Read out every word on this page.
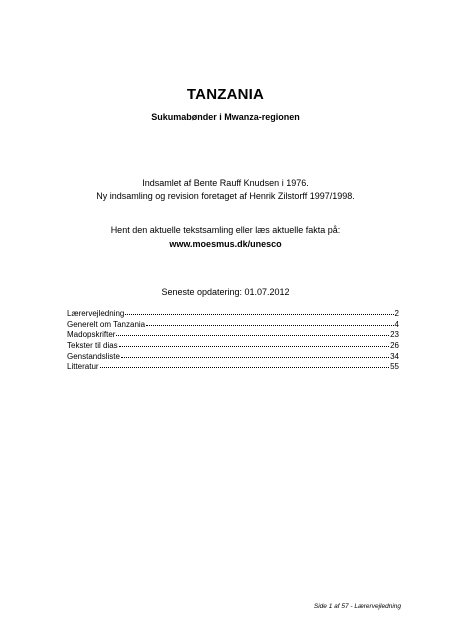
TANZANIA
Sukumabønder i Mwanza-regionen
Indsamlet af Bente Rauff Knudsen i 1976.
Ny indsamling og revision foretaget af Henrik Zilstorff 1997/1998.
Hent den aktuelle tekstsamling eller læs aktuelle fakta på:
www.moesmus.dk/unesco
Seneste opdatering: 01.07.2012
Lærervejledning	2
Generelt om Tanzania	4
Madopskrifter	23
Tekster til dias	26
Genstandsliste	34
Litteratur	55
Side 1 af 57 - Lærervejledning
